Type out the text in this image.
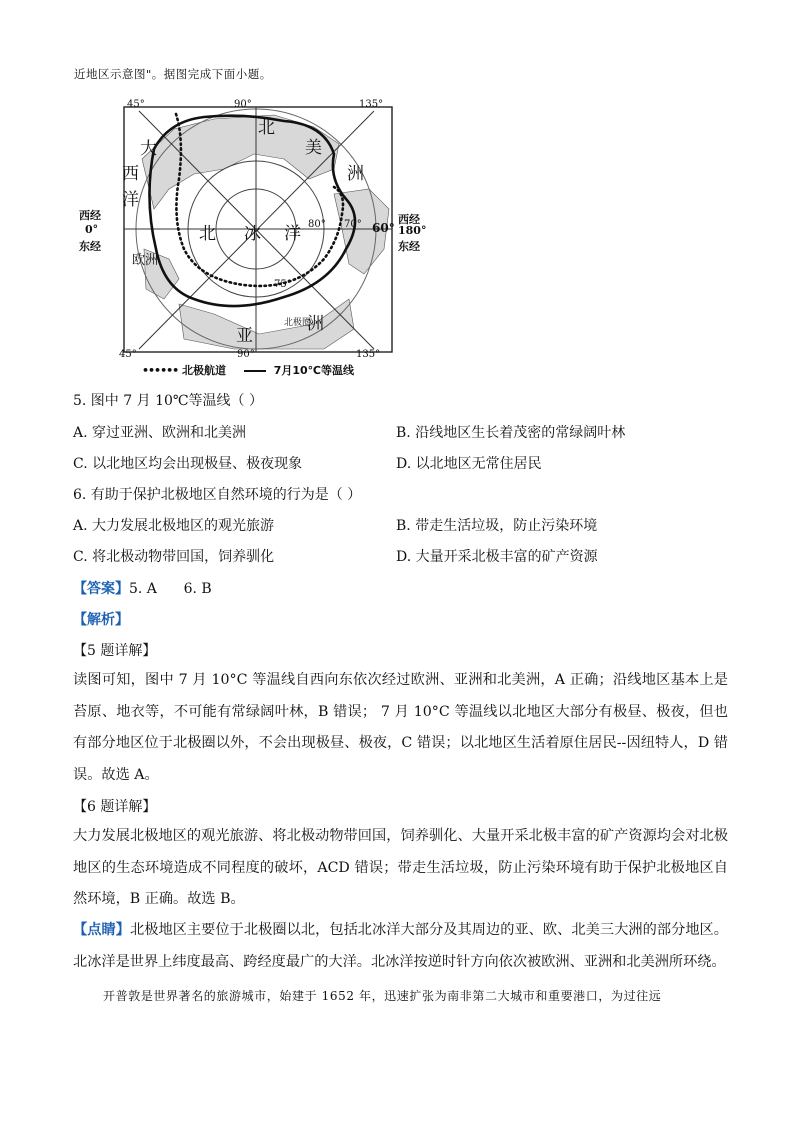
近地区示意图"。据图完成下面小题。
45°	90°	135°
45°	90°	135°
西经
0°
东经
西经
180°
东经
80° 70° 60°
75°
北极圈
北 冰 洋
北
美
洲
亚
洲
大
西
洋
欧洲
•••••• 北极航道	7月10℃等温线
5. 图中 7 月 10℃等温线（ ）
A. 穿过亚洲、欧洲和北美洲	B. 沿线地区生长着茂密的常绿阔叶林
C. 以北地区均会出现极昼、极夜现象	D. 以北地区无常住居民
6. 有助于保护北极地区自然环境的行为是（ ）
A. 大力发展北极地区的观光旅游	B. 带走生活垃圾，防止污染环境
C. 将北极动物带回国，饲养驯化	D. 大量开采北极丰富的矿产资源
【答案】5. A      6. B
【解析】
【5 题详解】
读图可知，图中 7 月 10°C 等温线自西向东依次经过欧洲、亚洲和北美洲，A 正确；沿线地区基本上是苔原、地衣等，不可能有常绿阔叶林，B 错误； 7 月 10°C 等温线以北地区大部分有极昼、极夜，但也有部分地区位于北极圈以外，不会出现极昼、极夜，C 错误；以北地区生活着原住居民--因纽特人，D 错误。故选 A。
【6 题详解】
大力发展北极地区的观光旅游、将北极动物带回国，饲养驯化、大量开采北极丰富的矿产资源均会对北极地区的生态环境造成不同程度的破坏，ACD 错误；带走生活垃圾，防止污染环境有助于保护北极地区自然环境，B 正确。故选 B。
【点睛】北极地区主要位于北极圈以北，包括北冰洋大部分及其周边的亚、欧、北美三大洲的部分地区。北冰洋是世界上纬度最高、跨经度最广的大洋。北冰洋按逆时针方向依次被欧洲、亚洲和北美洲所环绕。
开普敦是世界著名的旅游城市，始建于 1652 年，迅速扩张为南非第二大城市和重要港口，为过往远
